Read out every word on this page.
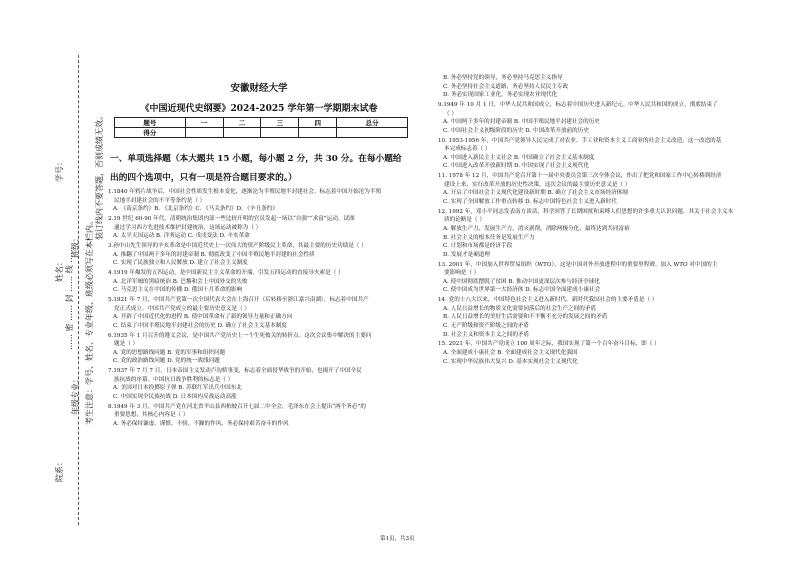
学号：
姓名：
院系：
班级：
年级专业： 考生注意：学号、姓名、专业年级、班级必须写在本栏内。
装订线内不要答题，否则成绩无效。
…… 密 …… 封 …… 线 ……
安徽财经大学
《中国近现代史纲要》2024-2025 学年第一学期期末试卷
题号	一	二	三	四	总分
得分					
一、单项选择题（本大题共 15 小题，每小题 2 分，共 30 分。在每小题给出的四个选项中，只有一项是符合题目要求的。）
1.1840 年鸦片战争后，中国社会性质发生根本变化，逐渐沦为半殖民地半封建社会。标志着中国开始沦为半殖
民地半封建社会的不平等条约是（ ）
A. 《南京条约》B. 《北京条约》C. 《马关条约》D. 《辛丑条约》
2.19 世纪 60-90 年代，清朝统治集团内部一些比较开明的官员发起一场以“自强”“求富”运动，试图
通过学习西方先进技术维护封建统治，这场运动被称为（ ）
A. 太平天国运动 B. 洋务运动 C. 戊戌变法 D. 辛亥革命
3.孙中山先生领导的辛亥革命是中国近代史上一次伟大的资产阶级民主革命，其最主要的历史功绩是（ ）
A. 推翻了中国两千多年的封建帝制 B. 彻底改变了中国半殖民地半封建的社会性质
C. 实现了民族独立和人民解放 D. 建立了社会主义制度
4.1919 年爆发的五四运动，是中国新民主主义革命的开端，引发五四运动的直接导火索是（ ）
A. 北洋军阀的黑暗统治 B. 巴黎和会上中国外交的失败
C. 马克思主义在中国的传播 D. 俄国十月革命的影响
5.1921 年 7 月，中国共产党第一次全国代表大会在上海召开（后转移至浙江嘉兴南湖），标志着中国共产
党正式成立。中国共产党成立的最主要历史意义是（ ）
A. 开辟了中国近代化的进程 B. 使中国革命有了新的领导力量和正确方向
C. 结束了中国半殖民地半封建社会的历史 D. 确立了社会主义基本制度
6.1935 年 1 月召开的遵义会议，是中国共产党历史上一个生死攸关的转折点。这次会议集中解决的主要问
题是（ ）
A. 党的思想路线问题 B. 党的军事和组织问题
C. 党的政治路线问题 D. 党的统一战线问题
7.1937 年 7 月 7 日，日本帝国主义发动卢沟桥事变，标志着全面侵华战争的开始，也揭开了中国全民
族抗战的序幕。中国抗日战争胜利的标志是（ ）
A. 美国对日本投掷原子弹 B. 苏联红军出兵中国东北
C. 中国实现全民族抗战 D. 日本国内反战运动高涨
8.1949 年 3 月，中国共产党在河北省平山县西柏坡召开七届二中全会，毛泽东在会上提出“两个务必”的
重要思想，其核心内容是（ ）
A. 务必保持谦虚、谨慎、不骄、不躁的作风，务必保持艰苦奋斗的作风
B. 务必坚持党的领导，务必坚持马克思主义指导
C. 务必坚持社会主义道路，务必坚持人民民主专政
D. 务必实现国家工业化，务必实现农业现代化
9.1949 年 10 月 1 日，中华人民共和国成立，标志着中国历史进入新纪元。中华人民共和国的成立，彻底结束了
（ ）
A. 中国两千多年的封建帝制 B. 中国半殖民地半封建社会的历史
C. 中国社会主义初级阶段的历史 D. 中国改革开放前的历史
10. 1953-1956 年，中国共产党领导人民完成了对农业、手工业和资本主义工商业的社会主义改造，这一改造的基
本完成标志着（ ）
A. 中国进入新民主主义社会 B. 中国确立了社会主义基本制度
C. 中国进入改革开放新时期 D. 中国实现了社会主义现代化
11. 1978 年 12 月，中国共产党召开第十一届中央委员会第三次全体会议，作出了把党和国家工作中心转移到经济
建设上来、实行改革开放的历史性决策。这次会议的最主要历史意义是（ ）
A. 开启了中国社会主义现代化建设新时期 B. 确立了社会主义市场经济体制
C. 实现了全国解放工作重点转移 D. 标志中国特色社会主义进入新时代
12. 1992 年，邓小平同志发表南方谈话，科学回答了长期困扰和束缚人们思想的许多重大认识问题，其关于社会主义本
质的论断是（ ）
A. 解放生产力，发展生产力，消灭剥削，消除两极分化，最终达到共同富裕
B. 社会主义的根本任务是发展生产力
C. 计划和市场都是经济手段
D. 发展才是硬道理
13. 2001 年，中国加入世界贸易组织（WTO），这是中国对外开放进程中的重要里程碑。加入 WTO 对中国的主
要影响是（ ）
A. 使中国彻底摆脱了贫困 B. 推动中国更深层次参与经济全球化
C. 使中国成为世界第一大经济体 D. 标志中国全面建成小康社会
14. 党的十八大以来，中国特色社会主义进入新时代。新时代我国社会的主要矛盾是（ ）
A. 人民日益增长的物质文化需要同落后的社会生产之间的矛盾
B. 人民日益增长的美好生活需要和不平衡不充分的发展之间的矛盾
C. 无产阶级和资产阶级之间的矛盾
D. 社会主义和资本主义之间的矛盾
15. 2021 年，中国共产党成立 100 周年之际，我国实现了第一个百年奋斗目标，即（ ）
A. 全面建成小康社会 B. 全面建成社会主义现代化强国
C. 实现中华民族伟大复兴 D. 基本实现社会主义现代化
第1页，共3页
